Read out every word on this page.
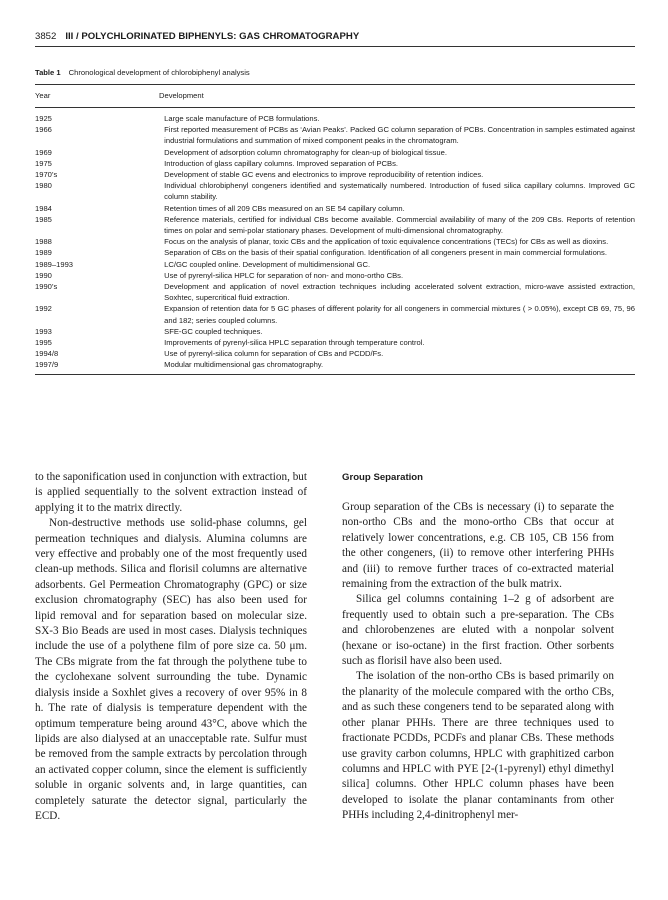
3852 III / POLYCHLORINATED BIPHENYLS: GAS CHROMATOGRAPHY
Table 1 Chronological development of chlorobiphenyl analysis
Year	Development
1925	Large scale manufacture of PCB formulations.
1966	First reported measurement of PCBs as ‘Avian Peaks’. Packed GC column separation of PCBs. Concentration in samples estimated against industrial formulations and summation of mixed component peaks in the chromatogram.
1969	Development of adsorption column chromatography for clean-up of biological tissue.
1975	Introduction of glass capillary columns. Improved separation of PCBs.
1970’s	Development of stable GC evens and electronics to improve reproducibility of retention indices.
1980	Individual chlorobiphenyl congeners identified and systematically numbered. Introduction of fused silica capillary columns. Improved GC column stability.
1984	Retention times of all 209 CBs measured on an SE 54 capillary column.
1985	Reference materials, certified for individual CBs become available. Commercial availability of many of the 209 CBs. Reports of retention times on polar and semi-polar stationary phases. Development of multi-dimensional chromatography.
1988	Focus on the analysis of planar, toxic CBs and the application of toxic equivalence concentrations (TECs) for CBs as well as dioxins.
1989	Separation of CBs on the basis of their spatial configuration. Identification of all congeners present in main commercial formulations.
1989–1993	LC/GC coupled online. Development of multidimensional GC.
1990	Use of pyrenyl-silica HPLC for separation of non- and mono-ortho CBs.
1990’s	Development and application of novel extraction techniques including accelerated solvent extraction, micro-wave assisted extraction, Soxhtec, supercritical fluid extraction.
1992	Expansion of retention data for 5 GC phases of different polarity for all congeners in commercial mixtures ( > 0.05%), except CB 69, 75, 96 and 182; series coupled columns.
1993	SFE-GC coupled techniques.
1995	Improvements of pyrenyl-silica HPLC separation through temperature control.
1994/8	Use of pyrenyl-silica column for separation of CBs and PCDD/Fs.
1997/9	Modular multidimensional gas chromatography.

to the saponification used in conjunction with extraction, but is applied sequentially to the solvent extraction instead of applying it to the matrix directly.

Non-destructive methods use solid-phase columns, gel permeation techniques and dialysis. Alumina columns are very effective and probably one of the most frequently used clean-up methods. Silica and florisil columns are alternative adsorbents. Gel Permeation Chromatography (GPC) or size exclusion chromatography (SEC) has also been used for lipid removal and for separation based on molecular size. SX-3 Bio Beads are used in most cases. Dialysis techniques include the use of a polythene film of pore size ca. 50 μm. The CBs migrate from the fat through the polythene tube to the cyclohexane solvent surrounding the tube. Dynamic dialysis inside a Soxhlet gives a recovery of over 95% in 8 h. The rate of dialysis is temperature dependent with the optimum temperature being around 43°C, above which the lipids are also dialysed at an unacceptable rate. Sulfur must be removed from the sample extracts by percolation through an activated copper column, since the element is sufficiently soluble in organic solvents and, in large quantities, can completely saturate the detector signal, particularly the ECD.

Group Separation

Group separation of the CBs is necessary (i) to separate the non-ortho CBs and the mono-ortho CBs that occur at relatively lower concentrations, e.g. CB 105, CB 156 from the other congeners, (ii) to remove other interfering PHHs and (iii) to remove further traces of co-extracted material remaining from the extraction of the bulk matrix.

Silica gel columns containing 1–2 g of adsorbent are frequently used to obtain such a pre-separation. The CBs and chlorobenzenes are eluted with a nonpolar solvent (hexane or iso-octane) in the first fraction. Other sorbents such as florisil have also been used.

The isolation of the non-ortho CBs is based primarily on the planarity of the molecule compared with the ortho CBs, and as such these congeners tend to be separated along with other planar PHHs. There are three techniques used to fractionate PCDDs, PCDFs and planar CBs. These methods use gravity carbon columns, HPLC with graphitized carbon columns and HPLC with PYE [2-(1-pyrenyl) ethyl dimethyl silica] columns. Other HPLC column phases have been developed to isolate the planar contaminants from other PHHs including 2,4-dinitrophenyl mer-
